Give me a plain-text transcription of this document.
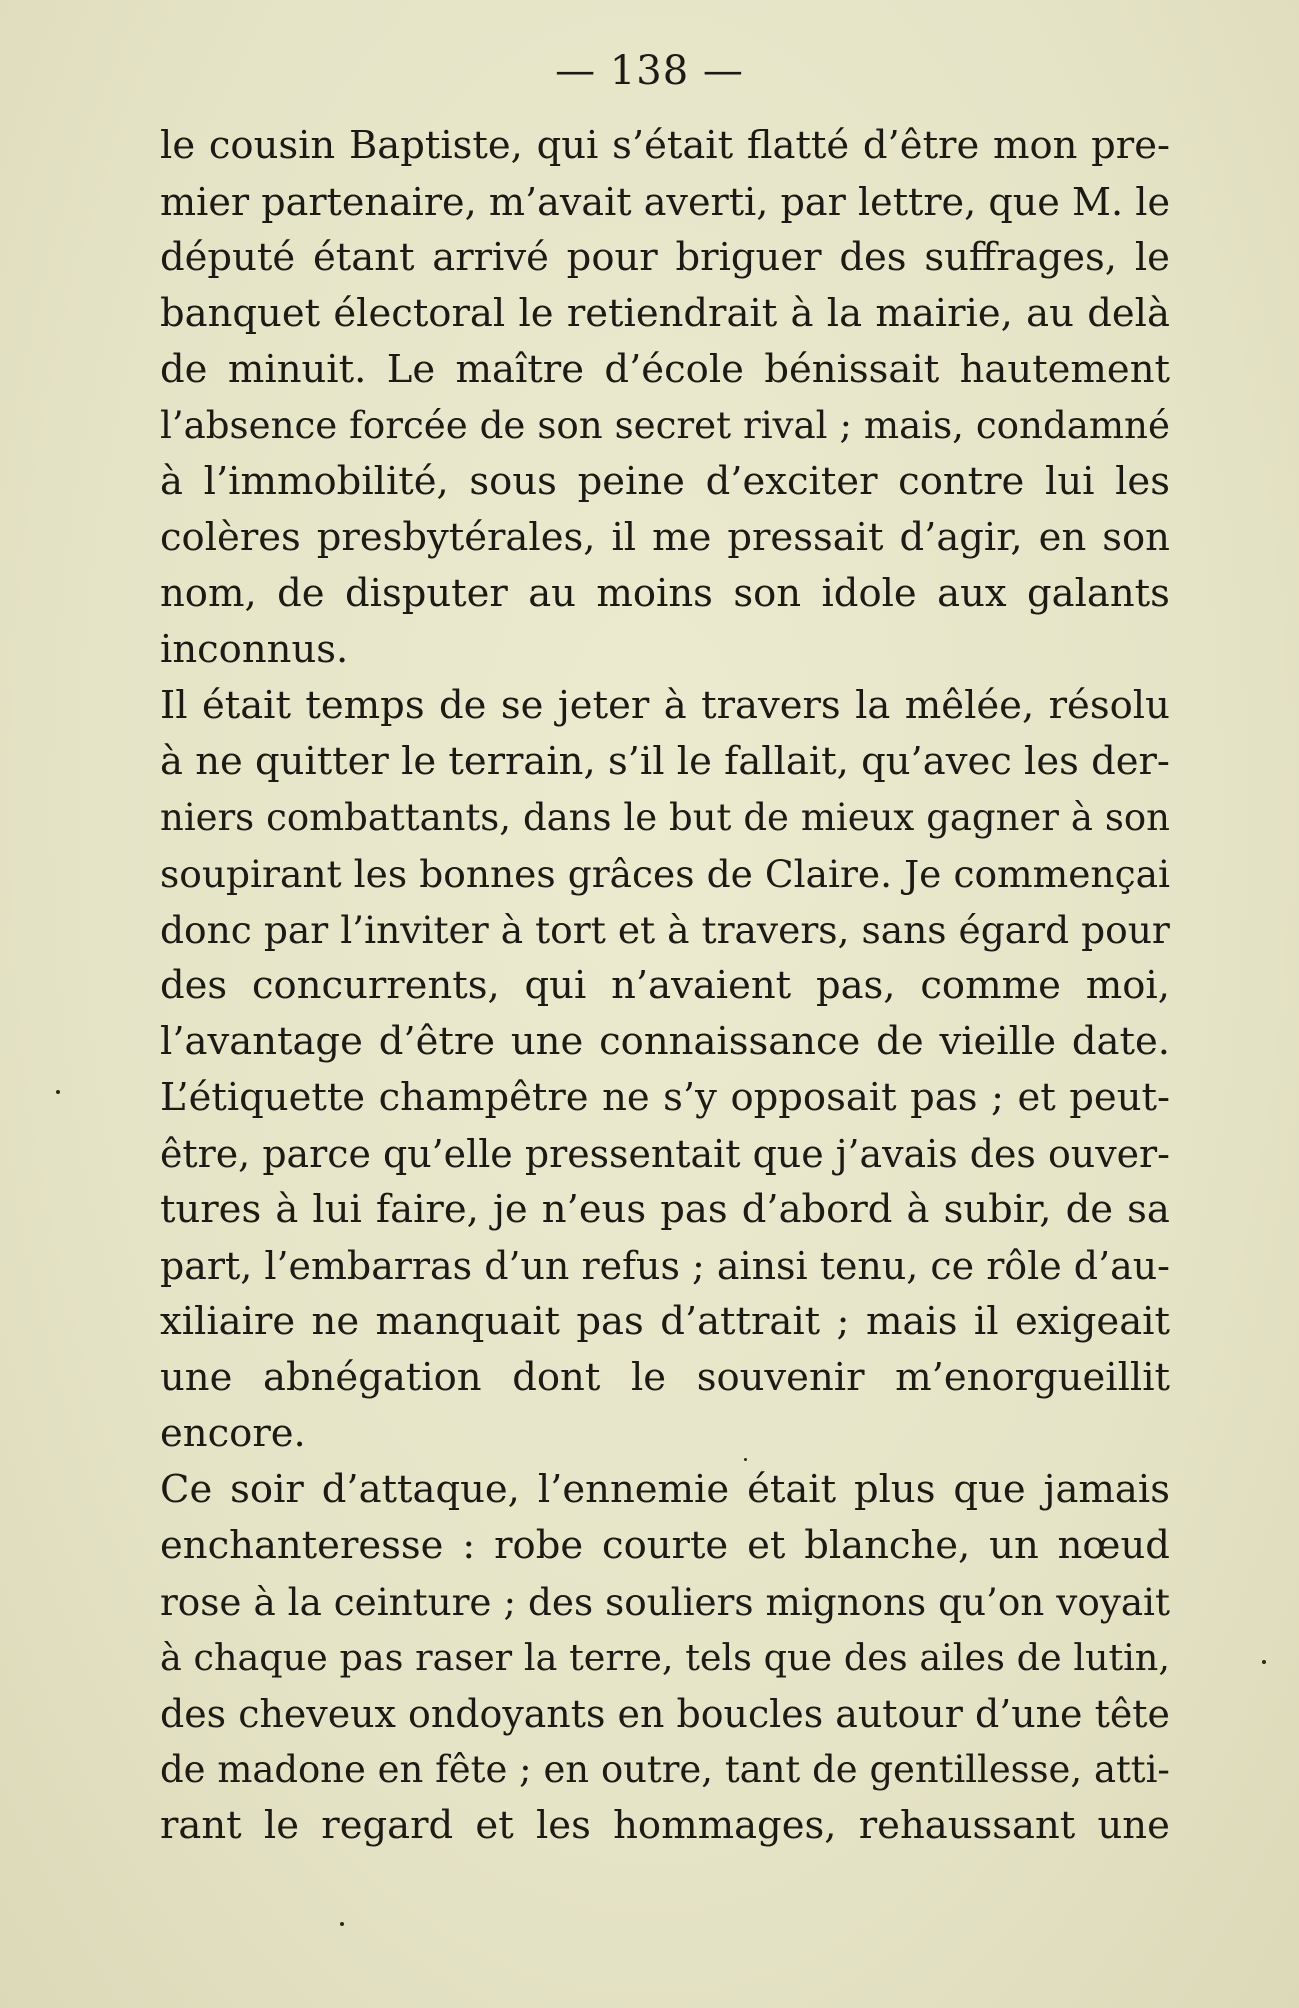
— 138 —
le cousin Baptiste, qui s’était flatté d’être mon pre-
mier partenaire, m’avait averti, par lettre, que M. le
député étant arrivé pour briguer des suffrages, le
banquet électoral le retiendrait à la mairie, au delà
de minuit. Le maître d’école bénissait hautement
l’absence forcée de son secret rival ; mais, condamné
à l’immobilité, sous peine d’exciter contre lui les
colères presbytérales, il me pressait d’agir, en son
nom, de disputer au moins son idole aux galants
inconnus.
Il était temps de se jeter à travers la mêlée, résolu
à ne quitter le terrain, s’il le fallait, qu’avec les der-
niers combattants, dans le but de mieux gagner à son
soupirant les bonnes grâces de Claire. Je commençai
donc par l’inviter à tort et à travers, sans égard pour
des concurrents, qui n’avaient pas, comme moi,
l’avantage d’être une connaissance de vieille date.
L’étiquette champêtre ne s’y opposait pas ; et peut-
être, parce qu’elle pressentait que j’avais des ouver-
tures à lui faire, je n’eus pas d’abord à subir, de sa
part, l’embarras d’un refus ; ainsi tenu, ce rôle d’au-
xiliaire ne manquait pas d’attrait ; mais il exigeait
une abnégation dont le souvenir m’enorgueillit
encore.
Ce soir d’attaque, l’ennemie était plus que jamais
enchanteresse : robe courte et blanche, un nœud
rose à la ceinture ; des souliers mignons qu’on voyait
à chaque pas raser la terre, tels que des ailes de lutin,
des cheveux ondoyants en boucles autour d’une tête
de madone en fête ; en outre, tant de gentillesse, atti-
rant le regard et les hommages, rehaussant une
